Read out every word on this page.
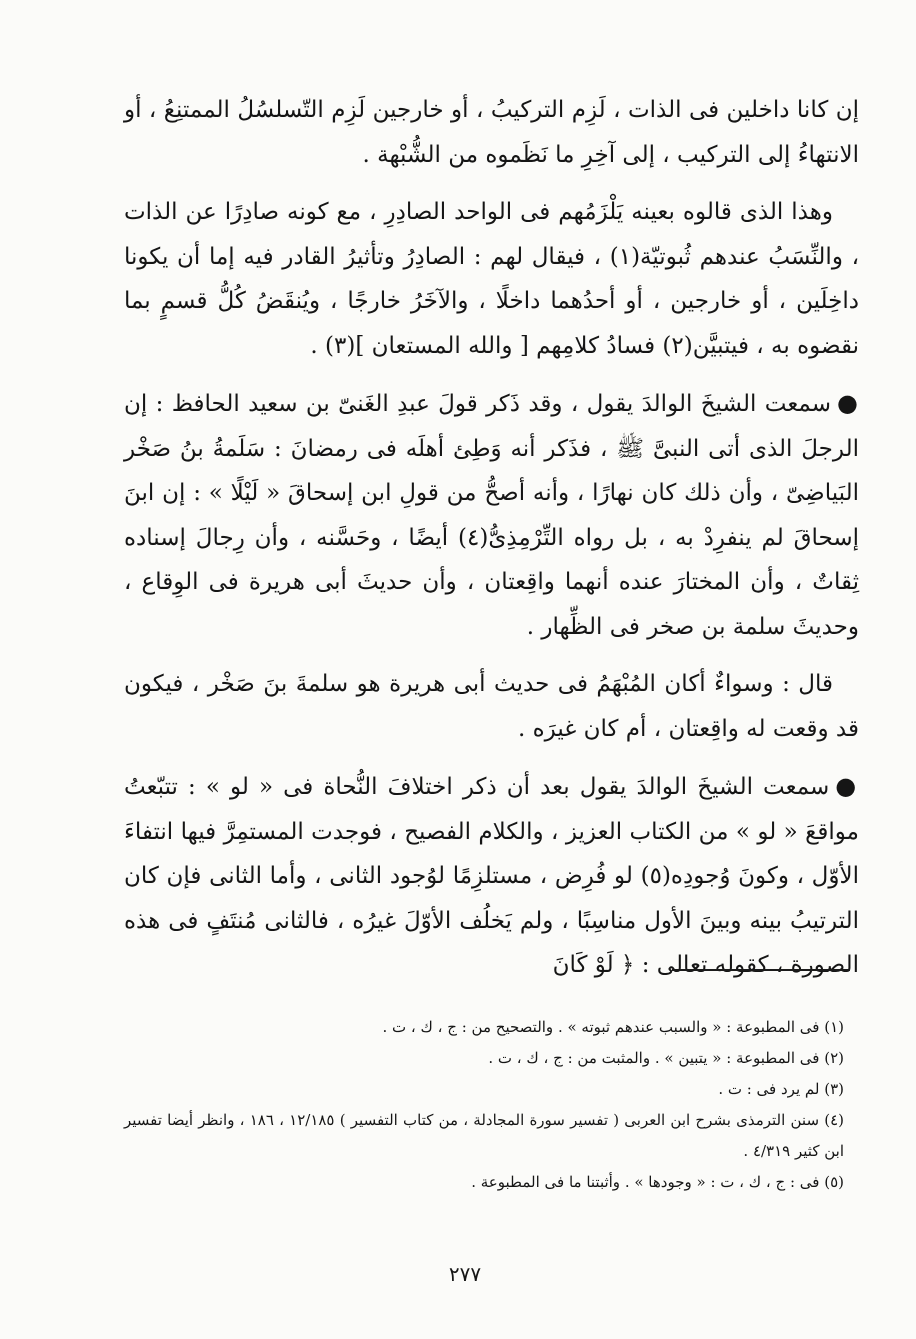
إن كانا داخلين فى الذات ، لَزِم التركيبُ ، أو خارجين لَزِم التّسلسُلُ الممتنِعُ ، أو الانتهاءُ إلى التركيب ، إلى آخِرِ ما نَظَموه من الشُّبْهة .

وهذا الذى قالوه بعينه يَلْزَمُهم فى الواحد الصادِرِ ، مع كونه صادِرًا عن الذات ، والنِّسَبُ عندهم ثُبوتيّة(١) ، فيقال لهم : الصادِرُ وتأثيرُ القادر فيه إما أن يكونا داخِلَين ، أو خارجين ، أو أحدُهما داخلًا ، والآخَرُ خارجًا ، ويُنقَضُ كُلُّ قسمٍ بما نقضوه به ، فيتبيَّن(٢) فسادُ كلامِهم [ والله المستعان ](٣) .

●سمعت الشيخَ الوالدَ يقول ، وقد ذَكر قولَ عبدِ الغَنىّ بن سعيد الحافظ : إن الرجلَ الذى أتى النبىَّ ﷺ ، فذَكر أنه وَطِئ أهلَه فى رمضانَ : سَلَمةُ بنُ صَخْر البَياضِىّ ، وأن ذلك كان نهارًا ، وأنه أصحُّ من قولِ ابن إسحاقَ « لَيْلًا » : إن ابنَ إسحاقَ لم ينفرِدْ به ، بل رواه التِّرْمِذِىُّ(٤) أيضًا ، وحَسَّنه ، وأن رِجالَ إسناده ثِقاتٌ ، وأن المختارَ عنده أنهما واقِعتان ، وأن حديثَ أبى هريرة فى الوِقاع ، وحديثَ سلمة بن صخر فى الظِّهار .

قال : وسواءٌ أكان المُبْهَمُ فى حديث أبى هريرة هو سلمةَ بنَ صَخْر ، فيكون قد وقعت له واقِعتان ، أم كان غيرَه .

●سمعت الشيخَ الوالدَ يقول بعد أن ذكر اختلافَ النُّحاة فى « لو » : تتبّعتُ مواقعَ « لو » من الكتاب العزيز ، والكلام الفصيح ، فوجدت المستمِرَّ فيها انتفاءَ الأوّل ، وكونَ وُجودِه(٥) لو فُرِض ، مستلزِمًا لوُجود الثانى ، وأما الثانى فإن كان الترتيبُ بينه وبينَ الأول مناسِبًا ، ولم يَخلُف الأوّلَ غيرُه ، فالثانى مُنتَفٍ فى هذه الصورة ، كقوله تعالى : ﴿ لَوْ كَانَ

(١) فى المطبوعة : « والسبب عندهم ثبوته » . والتصحيح من : ج ، ك ، ت .
(٢) فى المطبوعة : « يتبين » . والمثبت من : ج ، ك ، ت .
(٣) لم يرد فى : ت .
(٤) سنن الترمذى بشرح ابن العربى ( تفسير سورة المجادلة ، من كتاب التفسير ) ١٢/١٨٥ ، ١٨٦ ، وانظر أيضا تفسير ابن كثير ٤/٣١٩ .
(٥) فى : ج ، ك ، ت : « وجودها » . وأثبتنا ما فى المطبوعة .
٢٧٧
